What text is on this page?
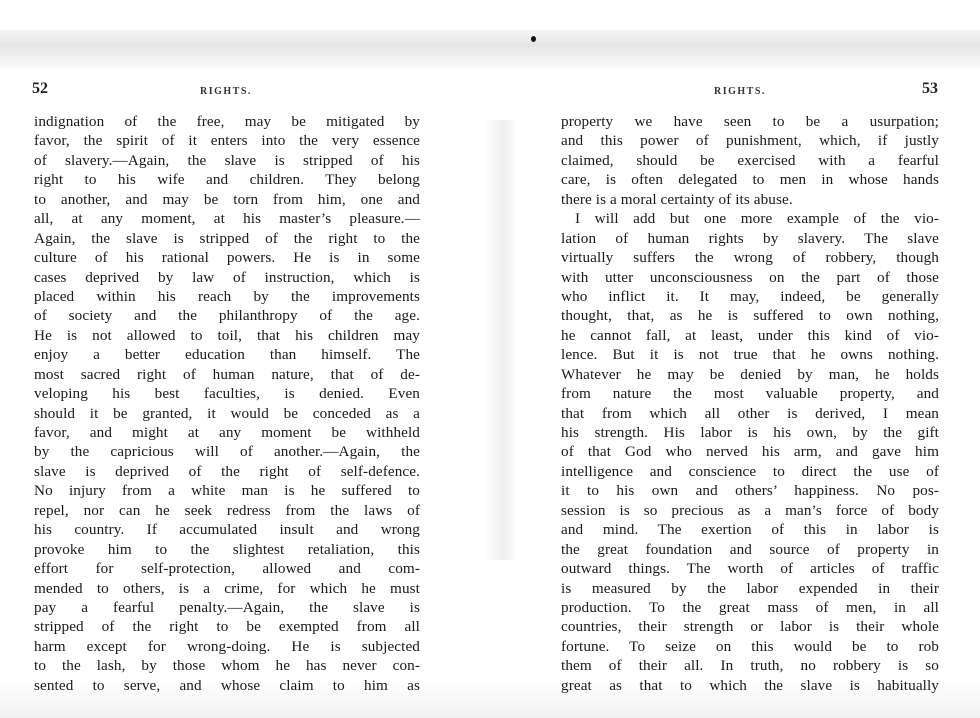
52	RIGHTS.
indignation of the free, may be mitigated by
favor, the spirit of it enters into the very essence
of slavery.—Again, the slave is stripped of his
right to his wife and children. They belong
to another, and may be torn from him, one and
all, at any moment, at his master’s pleasure.—
Again, the slave is stripped of the right to the
culture of his rational powers. He is in some
cases deprived by law of instruction, which is
placed within his reach by the improvements
of society and the philanthropy of the age.
He is not allowed to toil, that his children may
enjoy a better education than himself. The
most sacred right of human nature, that of de-
veloping his best faculties, is denied. Even
should it be granted, it would be conceded as a
favor, and might at any moment be withheld
by the capricious will of another.—Again, the
slave is deprived of the right of self-defence.
No injury from a white man is he suffered to
repel, nor can he seek redress from the laws of
his country. If accumulated insult and wrong
provoke him to the slightest retaliation, this
effort for self-protection, allowed and com-
mended to others, is a crime, for which he must
pay a fearful penalty.—Again, the slave is
stripped of the right to be exempted from all
harm except for wrong-doing. He is subjected
to the lash, by those whom he has never con-
sented to serve, and whose claim to him as
RIGHTS.	53
property we have seen to be a usurpation;
and this power of punishment, which, if justly
claimed, should be exercised with a fearful
care, is often delegated to men in whose hands
there is a moral certainty of its abuse.
I will add but one more example of the vio-
lation of human rights by slavery. The slave
virtually suffers the wrong of robbery, though
with utter unconsciousness on the part of those
who inflict it. It may, indeed, be generally
thought, that, as he is suffered to own nothing,
he cannot fall, at least, under this kind of vio-
lence. But it is not true that he owns nothing.
Whatever he may be denied by man, he holds
from nature the most valuable property, and
that from which all other is derived, I mean
his strength. His labor is his own, by the gift
of that God who nerved his arm, and gave him
intelligence and conscience to direct the use of
it to his own and others’ happiness. No pos-
session is so precious as a man’s force of body
and mind. The exertion of this in labor is
the great foundation and source of property in
outward things. The worth of articles of traffic
is measured by the labor expended in their
production. To the great mass of men, in all
countries, their strength or labor is their whole
fortune. To seize on this would be to rob
them of their all. In truth, no robbery is so
great as that to which the slave is habitually
